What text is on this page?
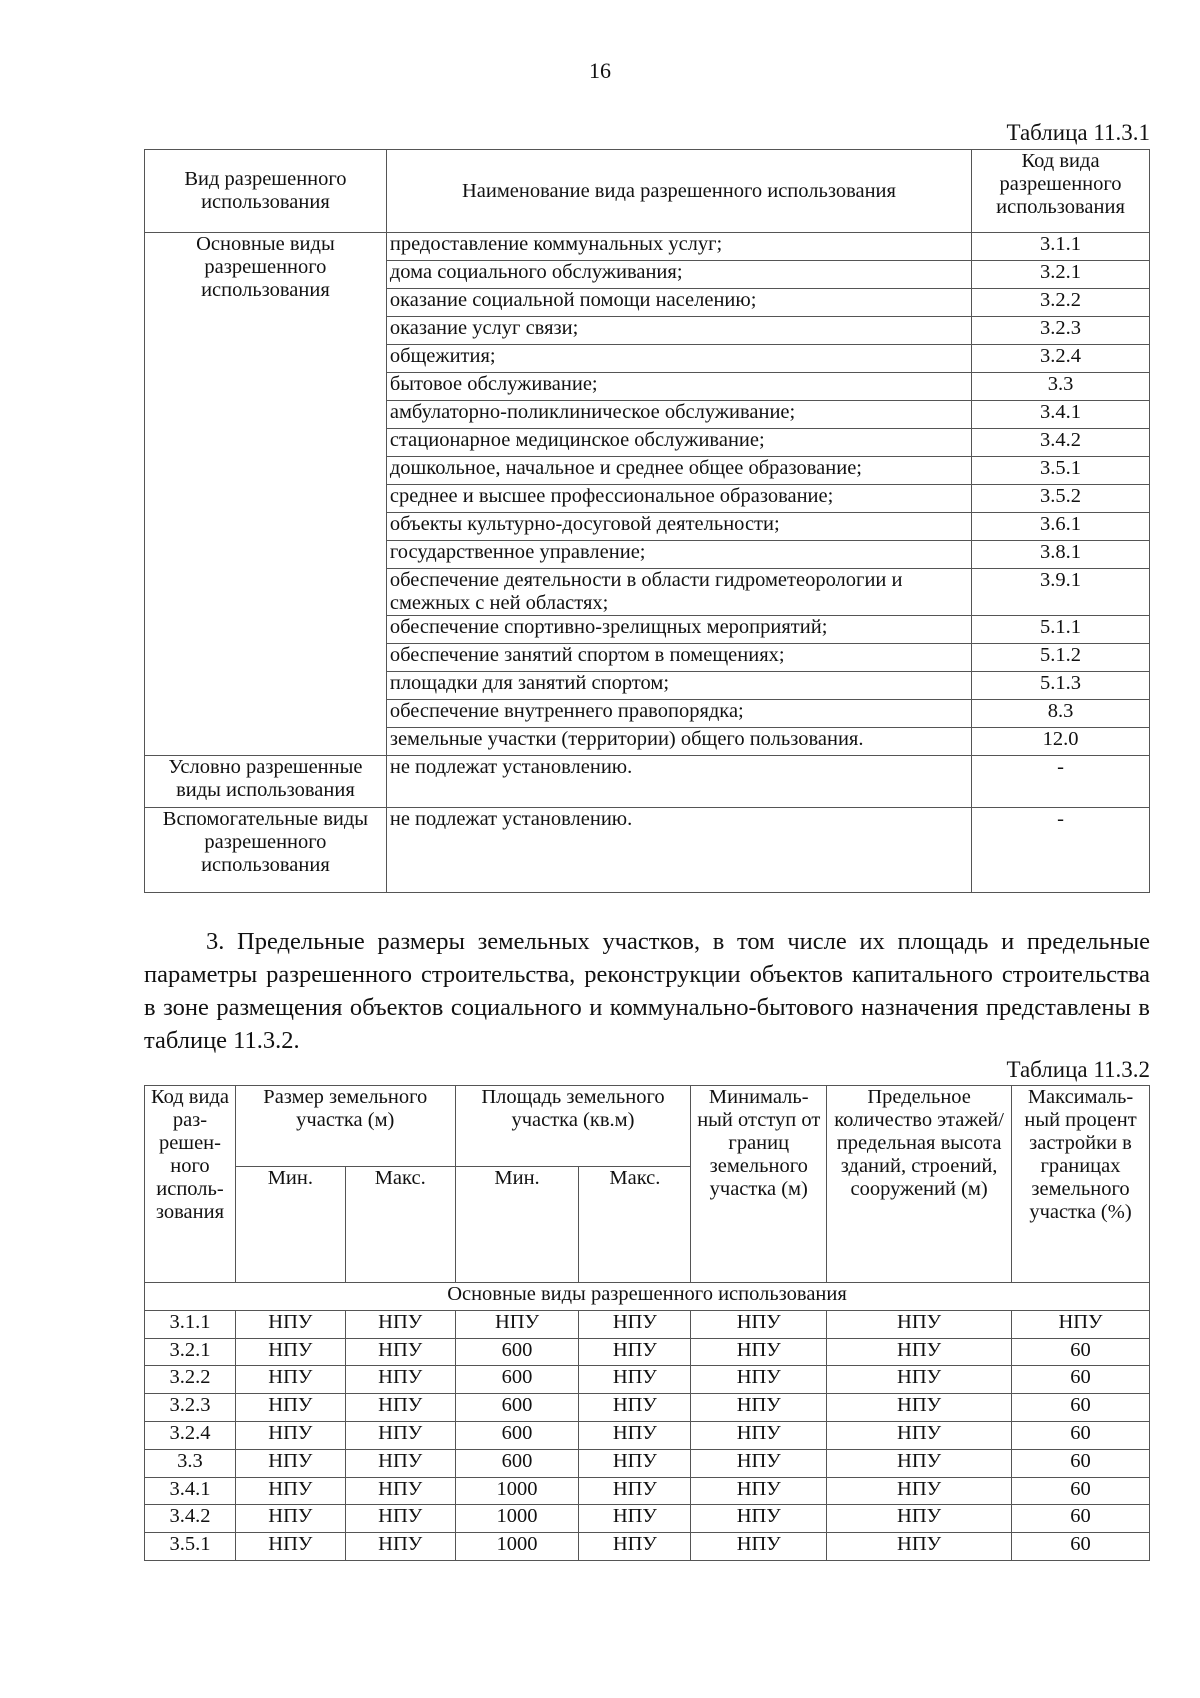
16
Таблица 11.3.1
Вид разрешенного использования	Наименование вида разрешенного использования	Код вида разрешенного использования
Основные виды разрешенного использования	предоставление коммунальных услуг;	3.1.1
	дома социального обслуживания;	3.2.1
	оказание социальной помощи населению;	3.2.2
	оказание услуг связи;	3.2.3
	общежития;	3.2.4
	бытовое обслуживание;	3.3
	амбулаторно-поликлиническое обслуживание;	3.4.1
	стационарное медицинское обслуживание;	3.4.2
	дошкольное, начальное и среднее общее образование;	3.5.1
	среднее и высшее профессиональное образование;	3.5.2
	объекты культурно-досуговой деятельности;	3.6.1
	государственное управление;	3.8.1
	обеспечение деятельности в области гидрометеорологии и смежных с ней областях;	3.9.1
	обеспечение спортивно-зрелищных мероприятий;	5.1.1
	обеспечение занятий спортом в помещениях;	5.1.2
	площадки для занятий спортом;	5.1.3
	обеспечение внутреннего правопорядка;	8.3
	земельные участки (территории) общего пользования.	12.0
Условно разрешенные виды использования	не подлежат установлению.	-
Вспомогательные виды разрешенного использования	не подлежат установлению.	-
3. Предельные размеры земельных участков, в том числе их площадь и предельные параметры разрешенного строительства, реконструкции объектов капитального строительства в зоне размещения объектов социального и коммунально-бытового назначения представлены в таблице 11.3.2.
Таблица 11.3.2
Код вида раз-решен-ного исполь-зования	Размер земельного участка (м)		Площадь земельного участка (кв.м)		Минималь-ный отступ от границ земельного участка (м)	Предельное количество этажей/ предельная высота зданий, строений, сооружений (м)	Максималь-ный процент застройки в границах земельного участка (%)
	Мин.	Макс.	Мин.	Макс.			
Основные виды разрешенного использования							
3.1.1	НПУ	НПУ	НПУ	НПУ	НПУ	НПУ	НПУ
3.2.1	НПУ	НПУ	600	НПУ	НПУ	НПУ	60
3.2.2	НПУ	НПУ	600	НПУ	НПУ	НПУ	60
3.2.3	НПУ	НПУ	600	НПУ	НПУ	НПУ	60
3.2.4	НПУ	НПУ	600	НПУ	НПУ	НПУ	60
3.3	НПУ	НПУ	600	НПУ	НПУ	НПУ	60
3.4.1	НПУ	НПУ	1000	НПУ	НПУ	НПУ	60
3.4.2	НПУ	НПУ	1000	НПУ	НПУ	НПУ	60
3.5.1	НПУ	НПУ	1000	НПУ	НПУ	НПУ	60
